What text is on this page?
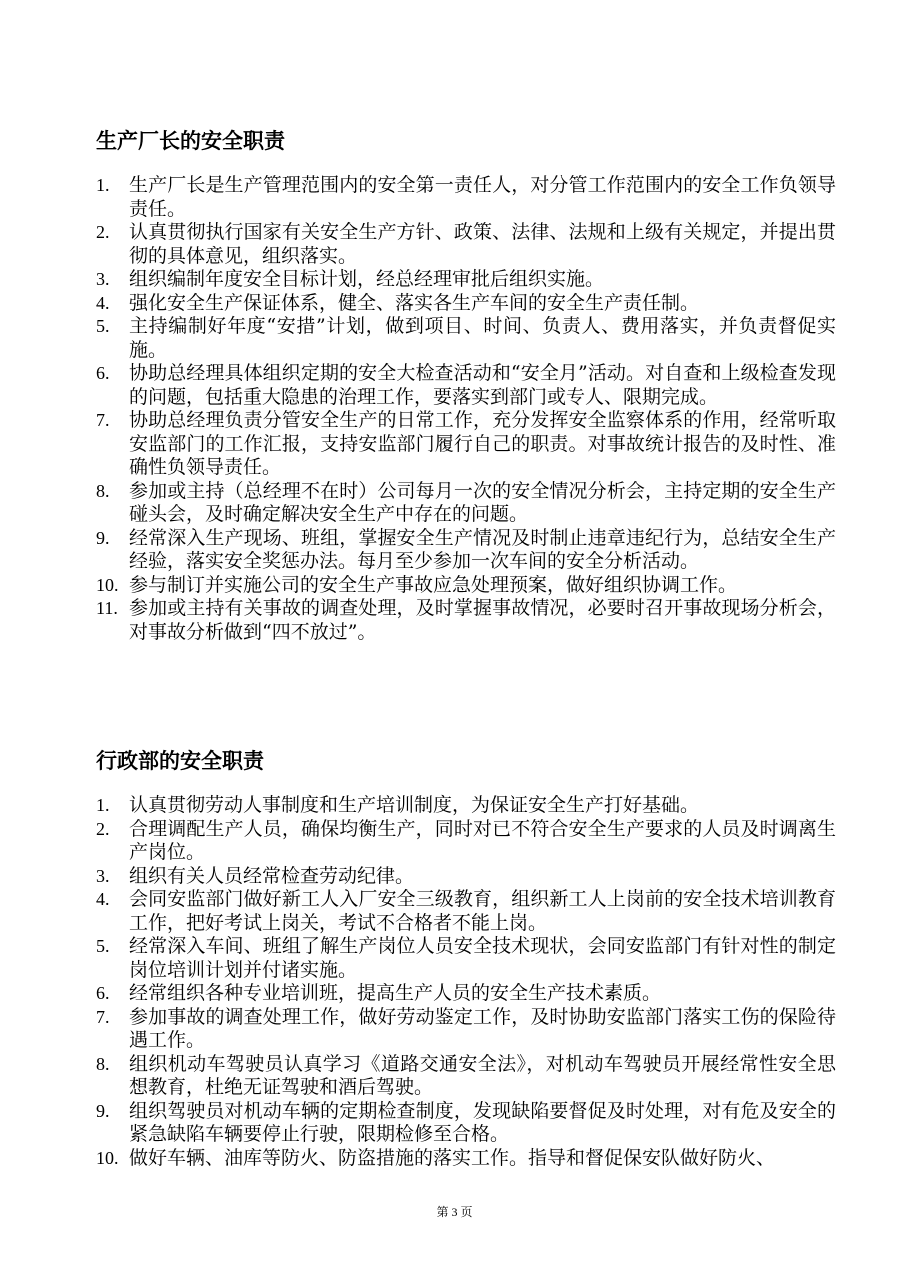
生产厂长的安全职责
1.	生产厂长是生产管理范围内的安全第一责任人，对分管工作范围内的安全工作负领导责任。
2.	认真贯彻执行国家有关安全生产方针、政策、法律、法规和上级有关规定，并提出贯彻的具体意见，组织落实。
3.	组织编制年度安全目标计划，经总经理审批后组织实施。
4.	强化安全生产保证体系，健全、落实各生产车间的安全生产责任制。
5.	主持编制好年度“安措”计划，做到项目、时间、负责人、费用落实，并负责督促实施。
6.	协助总经理具体组织定期的安全大检查活动和“安全月”活动。对自查和上级检查发现的问题，包括重大隐患的治理工作，要落实到部门或专人、限期完成。
7.	协助总经理负责分管安全生产的日常工作，充分发挥安全监察体系的作用，经常听取安监部门的工作汇报，支持安监部门履行自己的职责。对事故统计报告的及时性、准确性负领导责任。
8.	参加或主持（总经理不在时）公司每月一次的安全情况分析会，主持定期的安全生产碰头会，及时确定解决安全生产中存在的问题。
9.	经常深入生产现场、班组，掌握安全生产情况及时制止违章违纪行为，总结安全生产经验，落实安全奖惩办法。每月至少参加一次车间的安全分析活动。
10. 参与制订并实施公司的安全生产事故应急处理预案，做好组织协调工作。
11. 参加或主持有关事故的调查处理，及时掌握事故情况，必要时召开事故现场分析会，对事故分析做到“四不放过”。
行政部的安全职责
1.	认真贯彻劳动人事制度和生产培训制度，为保证安全生产打好基础。
2.	合理调配生产人员，确保均衡生产，同时对已不符合安全生产要求的人员及时调离生产岗位。
3.	组织有关人员经常检查劳动纪律。
4.	会同安监部门做好新工人入厂安全三级教育，组织新工人上岗前的安全技术培训教育工作，把好考试上岗关，考试不合格者不能上岗。
5.	经常深入车间、班组了解生产岗位人员安全技术现状，会同安监部门有针对性的制定岗位培训计划并付诸实施。
6.	经常组织各种专业培训班，提高生产人员的安全生产技术素质。
7.	参加事故的调查处理工作，做好劳动鉴定工作，及时协助安监部门落实工伤的保险待遇工作。
8.	组织机动车驾驶员认真学习《道路交通安全法》，对机动车驾驶员开展经常性安全思想教育，杜绝无证驾驶和酒后驾驶。
9.	组织驾驶员对机动车辆的定期检查制度，发现缺陷要督促及时处理，对有危及安全的紧急缺陷车辆要停止行驶，限期检修至合格。
10. 做好车辆、油库等防火、防盗措施的落实工作。指导和督促保安队做好防火、
第 3 页
